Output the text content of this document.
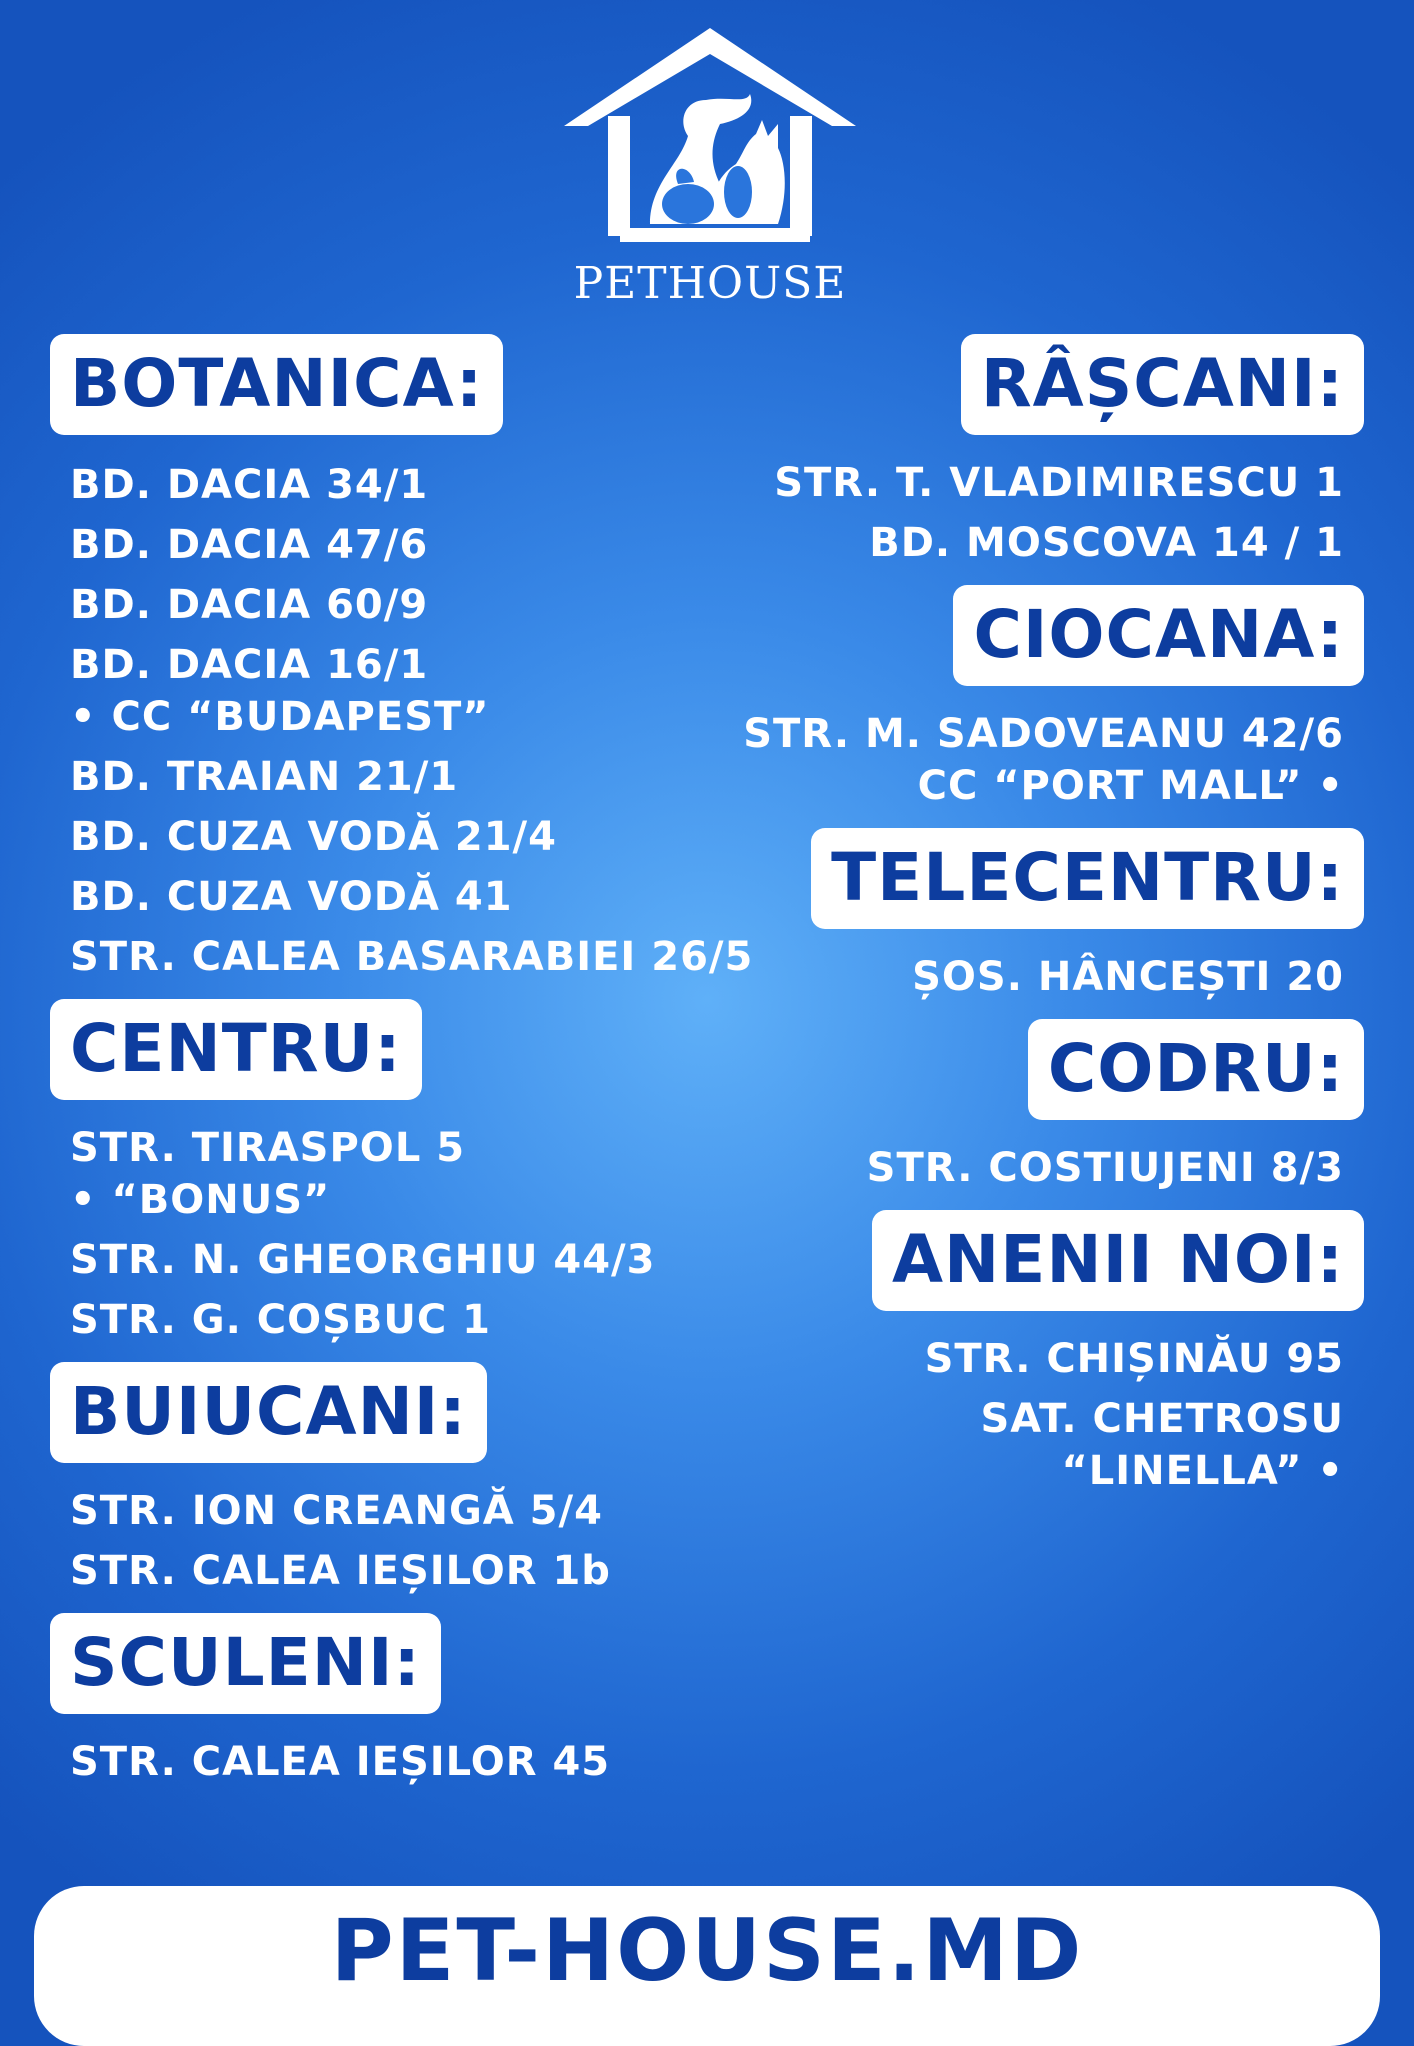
PETHOUSE
BOTANICA:
BD. DACIA 34/1
BD. DACIA 47/6
BD. DACIA 60/9
BD. DACIA 16/1
• CC “BUDAPEST”
BD. TRAIAN 21/1
BD. CUZA VODĂ 21/4
BD. CUZA VODĂ 41
STR. CALEA BASARABIEI 26/5
CENTRU:
STR. TIRASPOL 5
• “BONUS”
STR. N. GHEORGHIU 44/3
STR. G. COȘBUC 1
BUIUCANI:
STR. ION CREANGĂ 5/4
STR. CALEA IEȘILOR 1b
SCULENI:
STR. CALEA IEȘILOR 45
RÂȘCANI:
STR. T. VLADIMIRESCU 1
BD. MOSCOVA 14 / 1
CIOCANA:
STR. M. SADOVEANU 42/6
CC “PORT MALL” •
TELECENTRU:
ȘOS. HÂNCEȘTI 20
CODRU:
STR. COSTIUJENI 8/3
ANENII NOI:
STR. CHIȘINĂU 95
SAT. CHETROSU
“LINELLA” •
PET-HOUSE.MD
